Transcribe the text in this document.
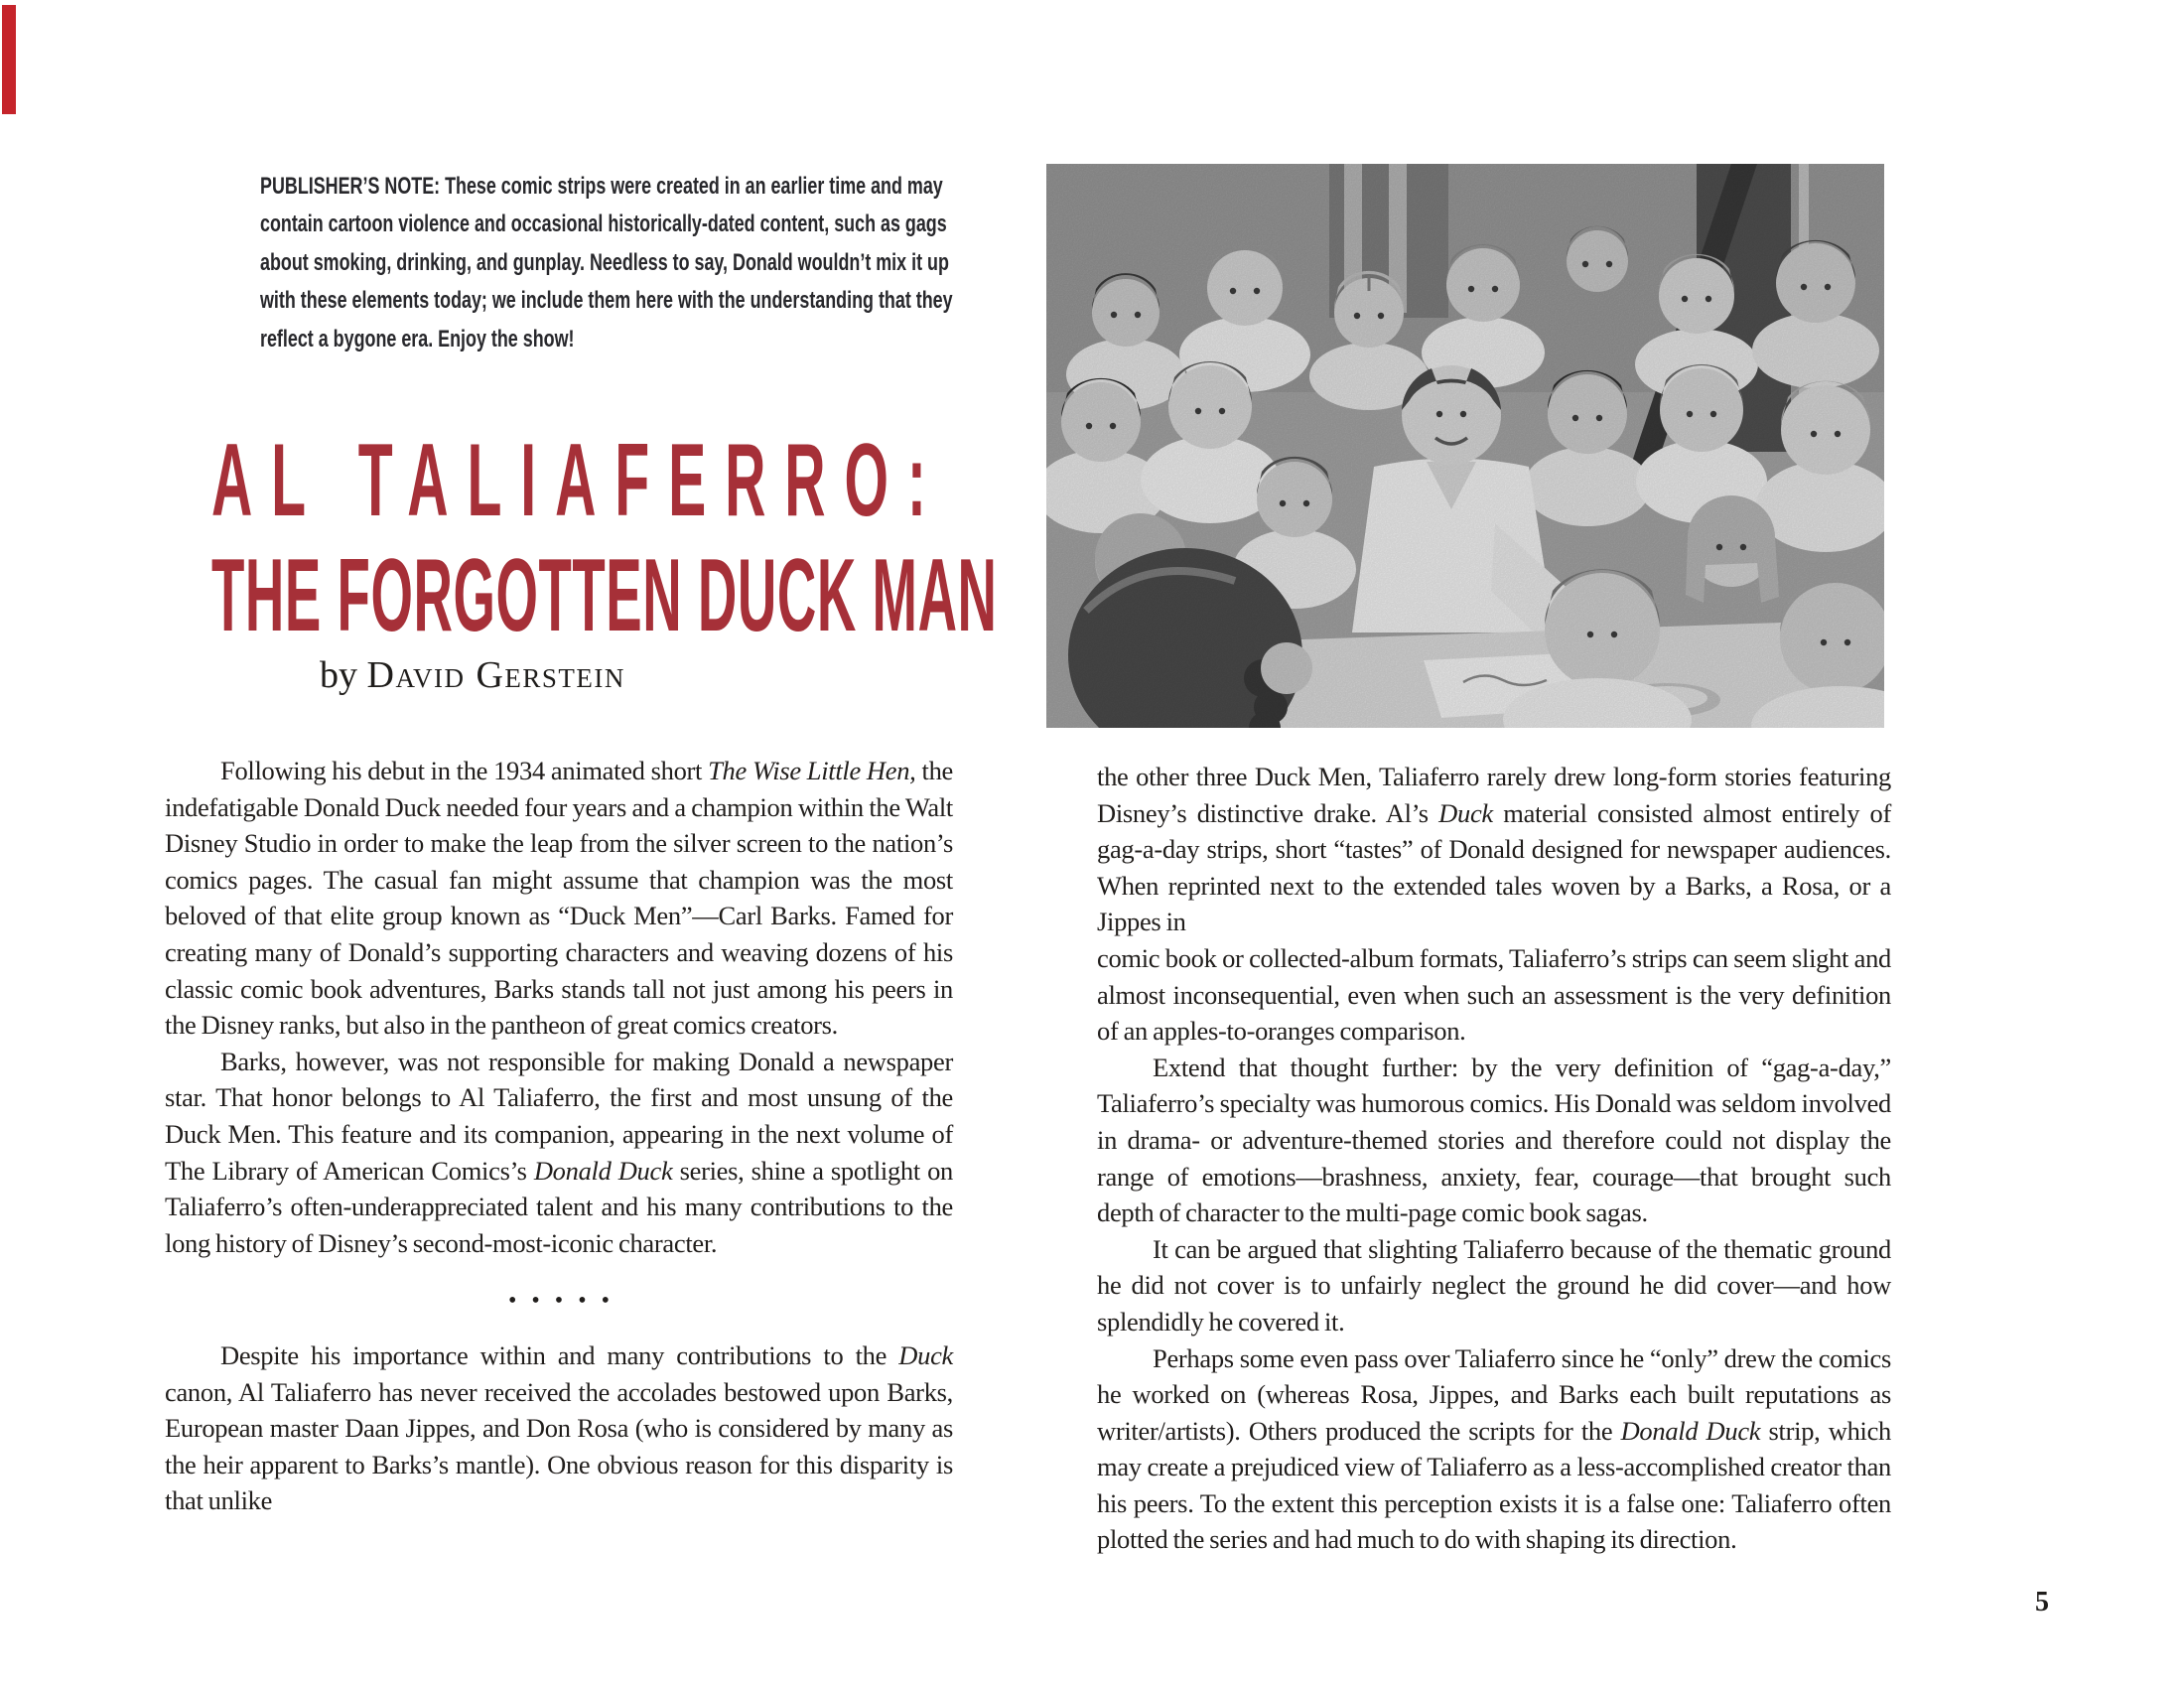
PUBLISHER’S NOTE: These comic strips were created in an earlier time and may contain cartoon violence and occasional historically-dated content, such as gags about smoking, drinking, and gunplay. Needless to say, Donald wouldn’t mix it up with these elements today; we include them here with the understanding that they reflect a bygone era. Enjoy the show!
AL TALIAFERRO:
THE FORGOTTEN DUCK MAN
by David Gerstein

Following his debut in the 1934 animated short The Wise Little Hen, the indefatigable Donald Duck needed four years and a champion within the Walt Disney Studio in order to make the leap from the silver screen to the nation’s comics pages. The casual fan might assume that champion was the most beloved of that elite group known as “Duck Men”—Carl Barks. Famed for creating many of Donald’s supporting characters and weaving dozens of his classic comic book adventures, Barks stands tall not just among his peers in the Disney ranks, but also in the pantheon of great comics creators.

Barks, however, was not responsible for making Donald a newspaper star. That honor belongs to Al Taliaferro, the first and most unsung of the Duck Men. This feature and its companion, appearing in the next volume of The Library of American Comics’s Donald Duck series, shine a spotlight on Taliaferro’s often-underappreciated talent and his many contributions to the long history of Disney’s second-most-iconic character.

•••••

Despite his importance within and many contributions to the Duck canon, Al Taliaferro has never received the accolades bestowed upon Barks, European master Daan Jippes, and Don Rosa (who is considered by many as the heir apparent to Barks’s mantle). One obvious reason for this disparity is that unlike

the other three Duck Men, Taliaferro rarely drew long-form stories featuring Disney’s distinctive drake. Al’s Duck material consisted almost entirely of gag-a-day strips, short “tastes” of Donald designed for newspaper audiences. When reprinted next to the extended tales woven by a Barks, a Rosa, or a Jippes in
comic book or collected-album formats, Taliaferro’s strips can seem slight and almost inconsequential, even when such an assessment is the very definition of an apples-to-oranges comparison.

Extend that thought further: by the very definition of “gag-a-day,” Taliaferro’s specialty was humorous comics. His Donald was seldom involved in drama- or adventure-themed stories and therefore could not display the range of emotions—brashness, anxiety, fear, courage—that brought such depth of character to the multi-page comic book sagas.

It can be argued that slighting Taliaferro because of the thematic ground he did not cover is to unfairly neglect the ground he did cover—and how splendidly he covered it.

Perhaps some even pass over Taliaferro since he “only” drew the comics he worked on (whereas Rosa, Jippes, and Barks each built reputations as writer/artists). Others produced the scripts for the Donald Duck strip, which may create a prejudiced view of Taliaferro as a less-accomplished creator than his peers. To the extent this perception exists it is a false one: Taliaferro often plotted the series and had much to do with shaping its direction.

5
